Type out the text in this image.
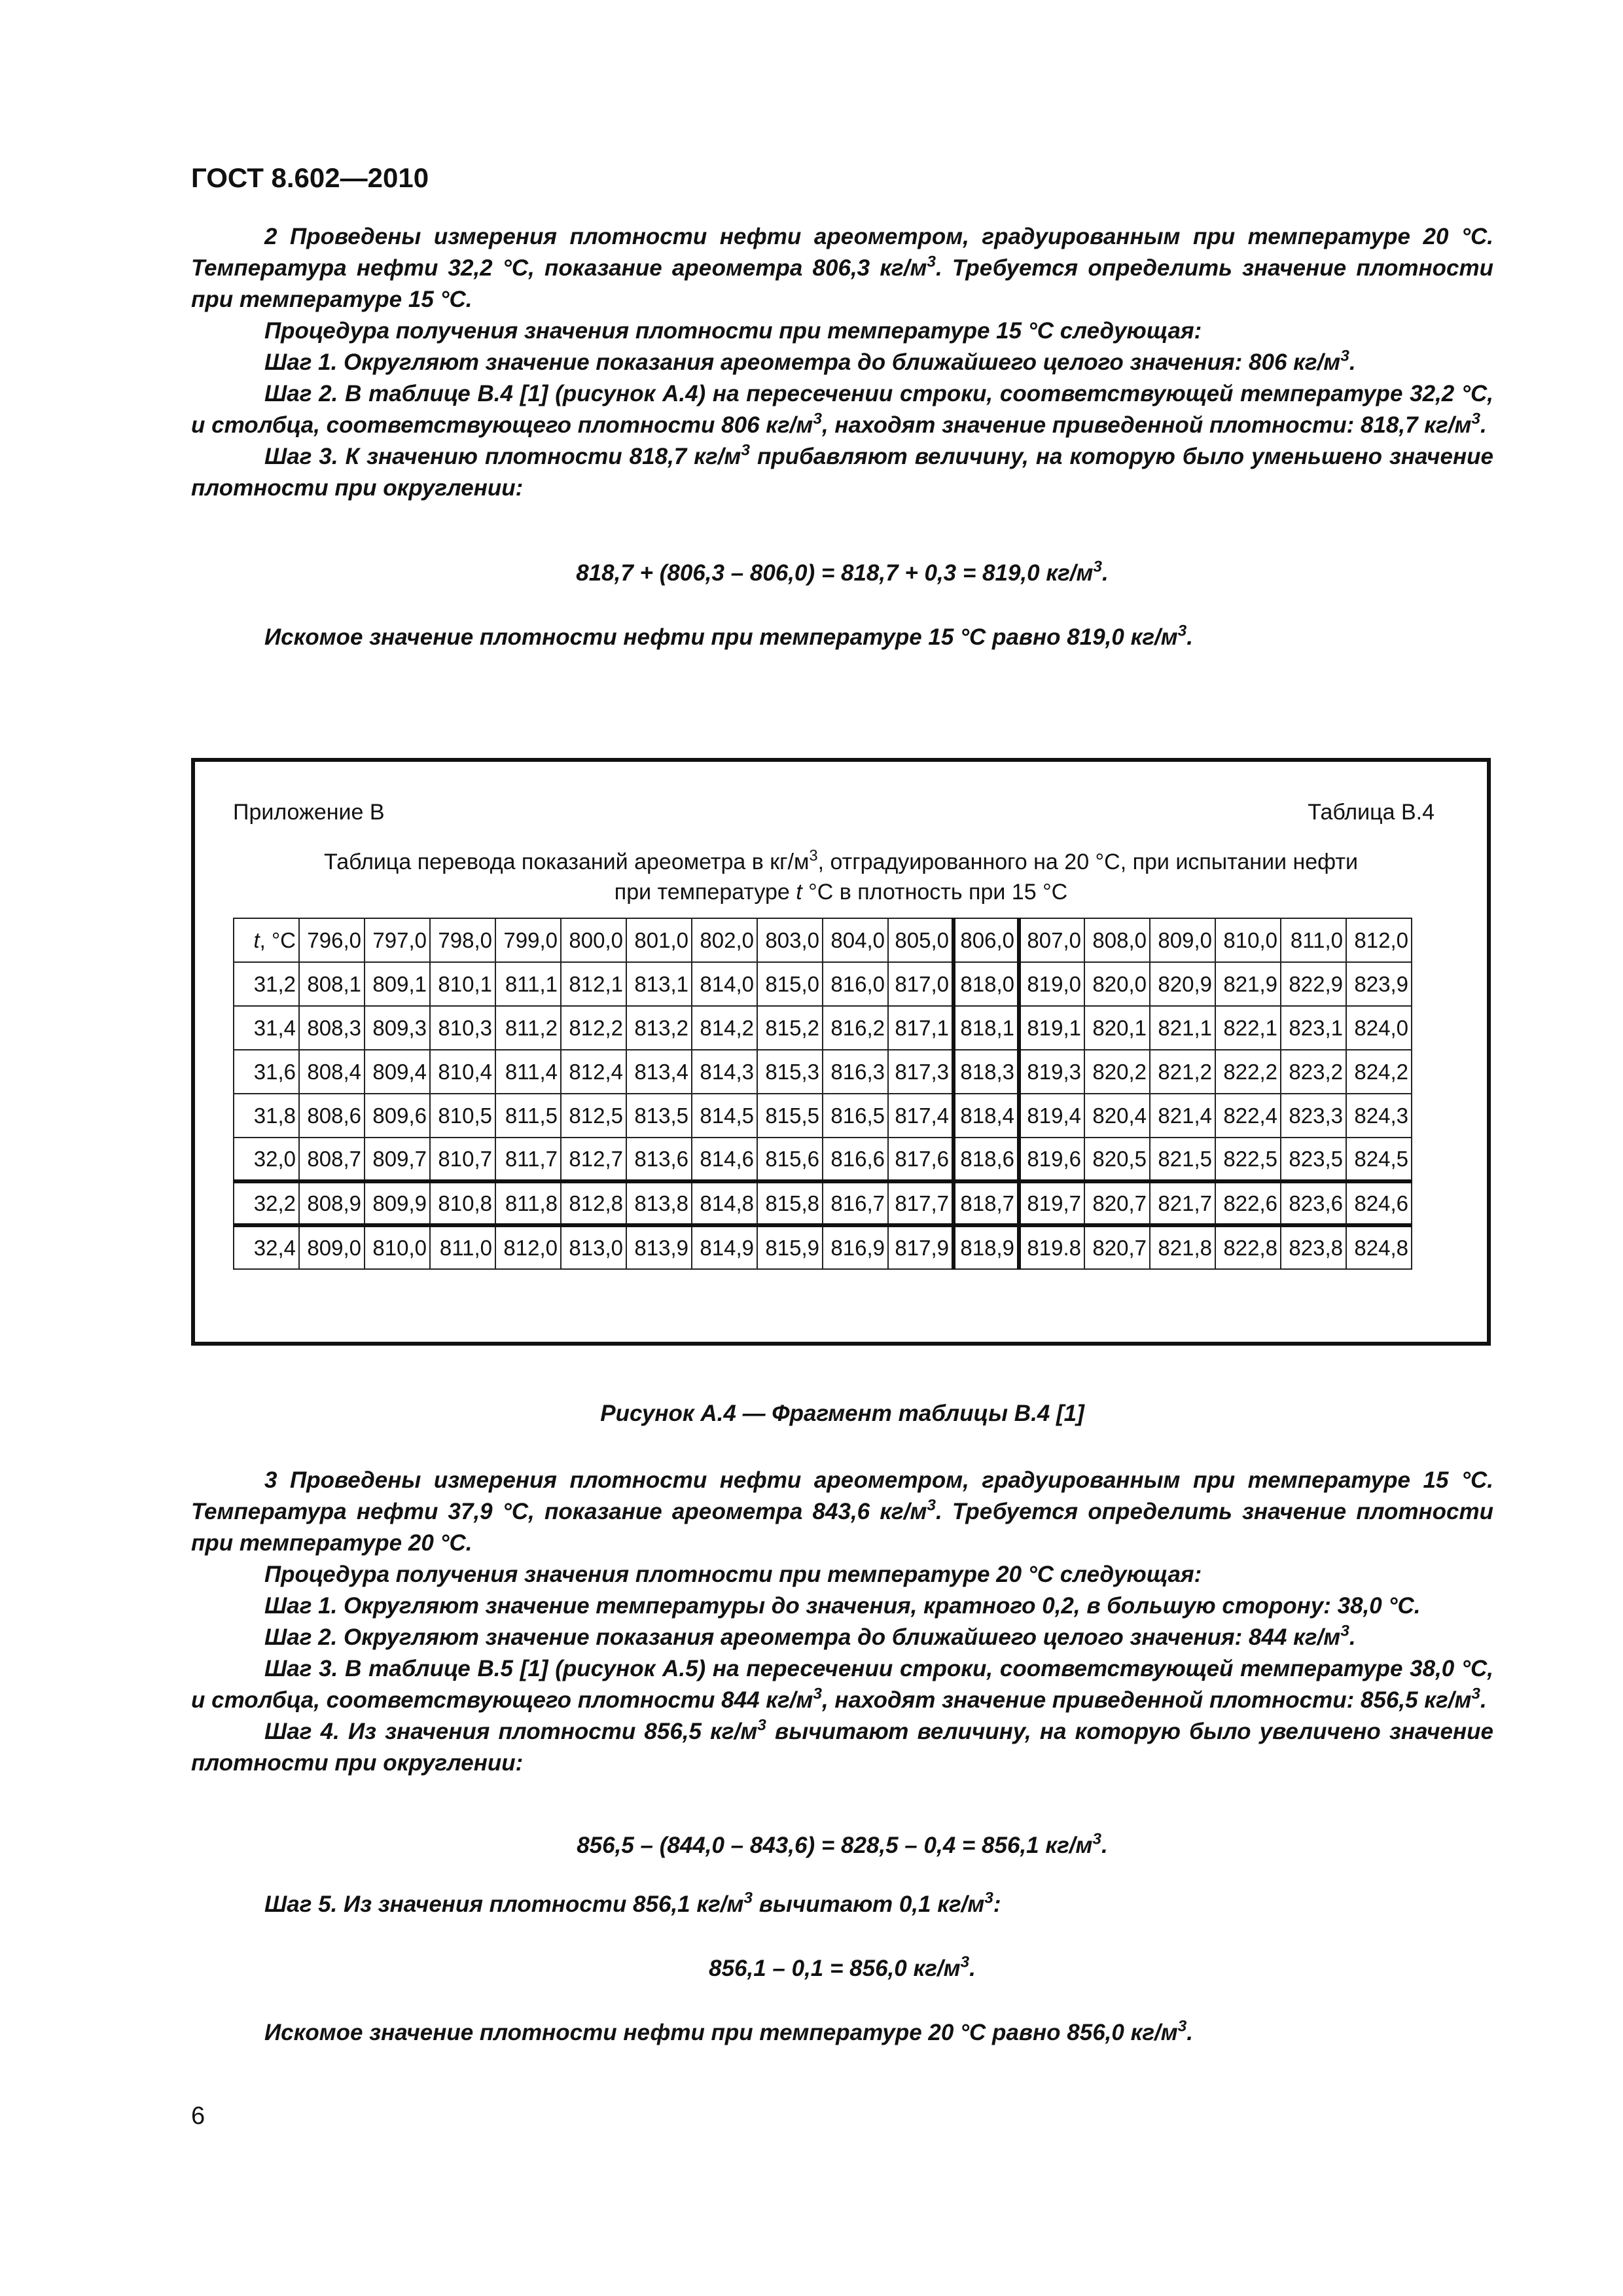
ГОСТ 8.602—2010

2 Проведены измерения плотности нефти ареометром, градуированным при температуре 20 °С. Температура нефти 32,2 °С, показание ареометра 806,3 $кг/м^3$. Требуется определить значение плотности при температуре 15 °С.

Процедура получения значения плотности при температуре 15 °С следующая:

Шаг 1. Округляют значение показания ареометра до ближайшего целого значения: 806 $кг/м^3$.

Шаг 2. В таблице В.4 [1] (рисунок А.4) на пересечении строки, соответствующей температуре 32,2 °С, и столбца, соответствующего плотности 806 $кг/м^3$, находят значение приведенной плотности: 818,7 $кг/м^3$.

Шаг 3. К значению плотности 818,7 $кг/м^3$ прибавляют величину, на которую было уменьшено значение плотности при округлении:

818,7 + (806,3 – 806,0) = 818,7 + 0,3 = 819,0 $кг/м^3$.
Искомое значение плотности нефти при температуре 15 °С равно 819,0 $кг/м^3$.
Приложение В	Таблица В.4
Таблица перевода показаний ареометра в $кг/м^3$, отградуированного на 20 °С, при испытании нефти
при температуре t °С в плотность при 15 °С
t, °С	796,0	797,0	798,0	799,0	800,0	801,0	802,0	803,0	804,0	805,0	806,0	807,0	808,0	809,0	810,0	811,0	812,0
31,2	808,1	809,1	810,1	811,1	812,1	813,1	814,0	815,0	816,0	817,0	818,0	819,0	820,0	820,9	821,9	822,9	823,9
31,4	808,3	809,3	810,3	811,2	812,2	813,2	814,2	815,2	816,2	817,1	818,1	819,1	820,1	821,1	822,1	823,1	824,0
31,6	808,4	809,4	810,4	811,4	812,4	813,4	814,3	815,3	816,3	817,3	818,3	819,3	820,2	821,2	822,2	823,2	824,2
31,8	808,6	809,6	810,5	811,5	812,5	813,5	814,5	815,5	816,5	817,4	818,4	819,4	820,4	821,4	822,4	823,3	824,3
32,0	808,7	809,7	810,7	811,7	812,7	813,6	814,6	815,6	816,6	817,6	818,6	819,6	820,5	821,5	822,5	823,5	824,5
32,2	808,9	809,9	810,8	811,8	812,8	813,8	814,8	815,8	816,7	817,7	818,7	819,7	820,7	821,7	822,6	823,6	824,6
32,4	809,0	810,0	811,0	812,0	813,0	813,9	814,9	815,9	816,9	817,9	818,9	819.8	820,7	821,8	822,8	823,8	824,8
Рисунок А.4 — Фрагмент таблицы В.4 [1]

3 Проведены измерения плотности нефти ареометром, градуированным при температуре 15 °С. Температура нефти 37,9 °С, показание ареометра 843,6 $кг/м^3$. Требуется определить значение плотности при температуре 20 °С.

Процедура получения значения плотности при температуре 20 °С следующая:

Шаг 1. Округляют значение температуры до значения, кратного 0,2, в большую сторону: 38,0 °С.

Шаг 2. Округляют значение показания ареометра до ближайшего целого значения: 844 $кг/м^3$.

Шаг 3. В таблице В.5 [1] (рисунок А.5) на пересечении строки, соответствующей температуре 38,0 °С, и столбца, соответствующего плотности 844 $кг/м^3$, находят значение приведенной плотности: 856,5 $кг/м^3$.

Шаг 4. Из значения плотности 856,5 $кг/м^3$ вычитают величину, на которую было увеличено значение плотности при округлении:

856,5 – (844,0 – 843,6) = 828,5 – 0,4 = 856,1 $кг/м^3$.
Шаг 5. Из значения плотности 856,1 $кг/м^3$ вычитают 0,1 $кг/м^3$:
856,1 – 0,1 = 856,0 $кг/м^3$.
Искомое значение плотности нефти при температуре 20 °С равно 856,0 $кг/м^3$.
6
